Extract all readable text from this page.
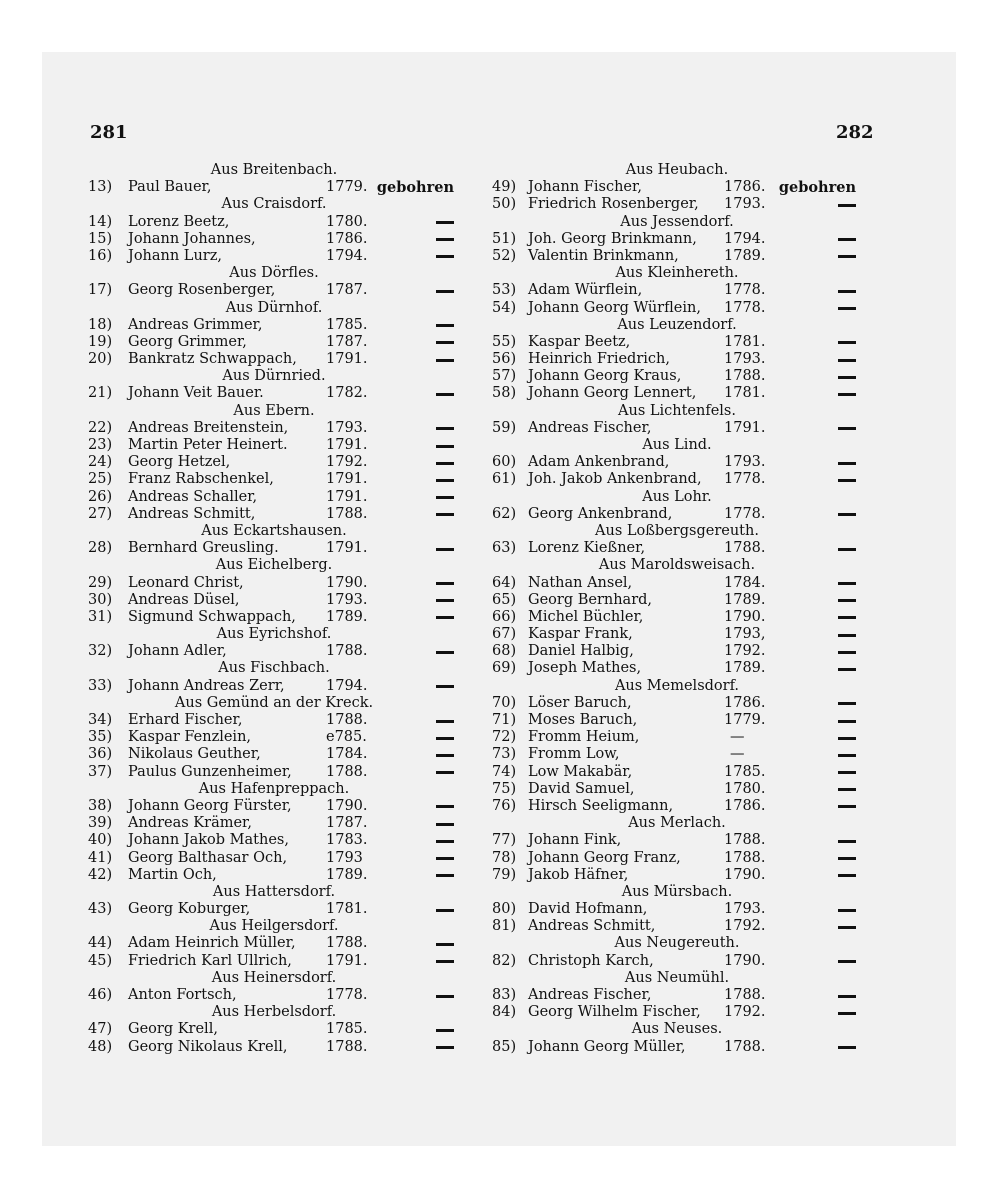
281	282
Aus Breitenbach.
13) Paul Bauer,	1779. gebohren
Aus Craisdorf.
14) Lorenz Beetz,	1780.
15) Johann Johannes,	1786.
16) Johann Lurz,	1794.
Aus Dörfles.
17) Georg Rosenberger,	1787.
Aus Dürnhof.
18) Andreas Grimmer,	1785.
19) Georg Grimmer,	1787.
20) Bankratz Schwappach, 1791.
Aus Dürnried.
21) Johann Veit Bauer.	1782.
Aus Ebern.
22) Andreas Breitenstein,	1793.
23) Martin Peter Heinert.	1791.
24) Georg Hetzel,	1792.
25) Franz Rabschenkel,	1791.
26) Andreas Schaller,	1791.
27) Andreas Schmitt,	1788.
Aus Eckartshausen.
28) Bernhard Greusling.	1791.
Aus Eichelberg.
29) Leonard Christ,	1790.
30) Andreas Düsel,	1793.
31) Sigmund Schwappach, 1789.
Aus Eyrichshof.
32) Johann Adler,	1788.
Aus Fischbach.
33) Johann Andreas Zerr,	1794.
Aus Gemünd an der Kreck.
34) Erhard Fischer,	1788.
35) Kaspar Fenzlein,	e785.
36) Nikolaus Geuther,	1784.
37) Paulus Gunzenheimer, 1788.
Aus Hafenpreppach.
38) Johann Georg Fürster, 1790.
39) Andreas Krämer,	1787.
40) Johann Jakob Mathes,	1783.
41) Georg Balthasar Och,	1793
42) Martin Och,	1789.
Aus Hattersdorf.
43) Georg Koburger,	1781.
Aus Heilgersdorf.
44) Adam Heinrich Müller, 1788.
45) Friedrich Karl Ullrich, 1791.
Aus Heinersdorf.
46) Anton Fortsch,	1778.
Aus Herbelsdorf.
47) Georg Krell,	1785.
48) Georg Nikolaus Krell,	1788.
Aus Heubach.
49) Johann Fischer,	1786. gebohren
50) Friedrich Rosenberger, 1793.
Aus Jessendorf.
51) Joh. Georg Brinkmann, 1794.
52) Valentin Brinkmann,	1789.
Aus Kleinhereth.
53) Adam Würflein,	1778.
54) Johann Georg Würflein, 1778.
Aus Leuzendorf.
55) Kaspar Beetz,	1781.
56) Heinrich Friedrich,	1793.
57) Johann Georg Kraus,	1788.
58) Johann Georg Lennert, 1781.
Aus Lichtenfels.
59) Andreas Fischer,	1791.
Aus Lind.
60) Adam Ankenbrand,	1793.
61) Joh. Jakob Ankenbrand, 1778.
Aus Lohr.
62) Georg Ankenbrand,	1778.
Aus Loßbergsgereuth.
63) Lorenz Kießner,	1788.
Aus Maroldsweisach.
64) Nathan Ansel,	1784.
65) Georg Bernhard,	1789.
66) Michel Büchler,	1790.
67) Kaspar Frank,	1793,
68) Daniel Halbig,	1792.
69) Joseph Mathes,	1789.
Aus Memelsdorf.
70) Löser Baruch,	1786.
71) Moses Baruch,	1779.
72) Fromm Heium,	—
73) Fromm Low,	—
74) Low Makabär,	1785.
75) David Samuel,	1780.
76) Hirsch Seeligmann,	1786.
Aus Merlach.
77) Johann Fink,	1788.
78) Johann Georg Franz,	1788.
79) Jakob Häfner,	1790.
Aus Mürsbach.
80) David Hofmann,	1793.
81) Andreas Schmitt,	1792.
Aus Neugereuth.
82) Christoph Karch,	1790.
Aus Neumühl.
83) Andreas Fischer,	1788.
84) Georg Wilhelm Fischer, 1792.
Aus Neuses.
85) Johann Georg Müller,	1788.
